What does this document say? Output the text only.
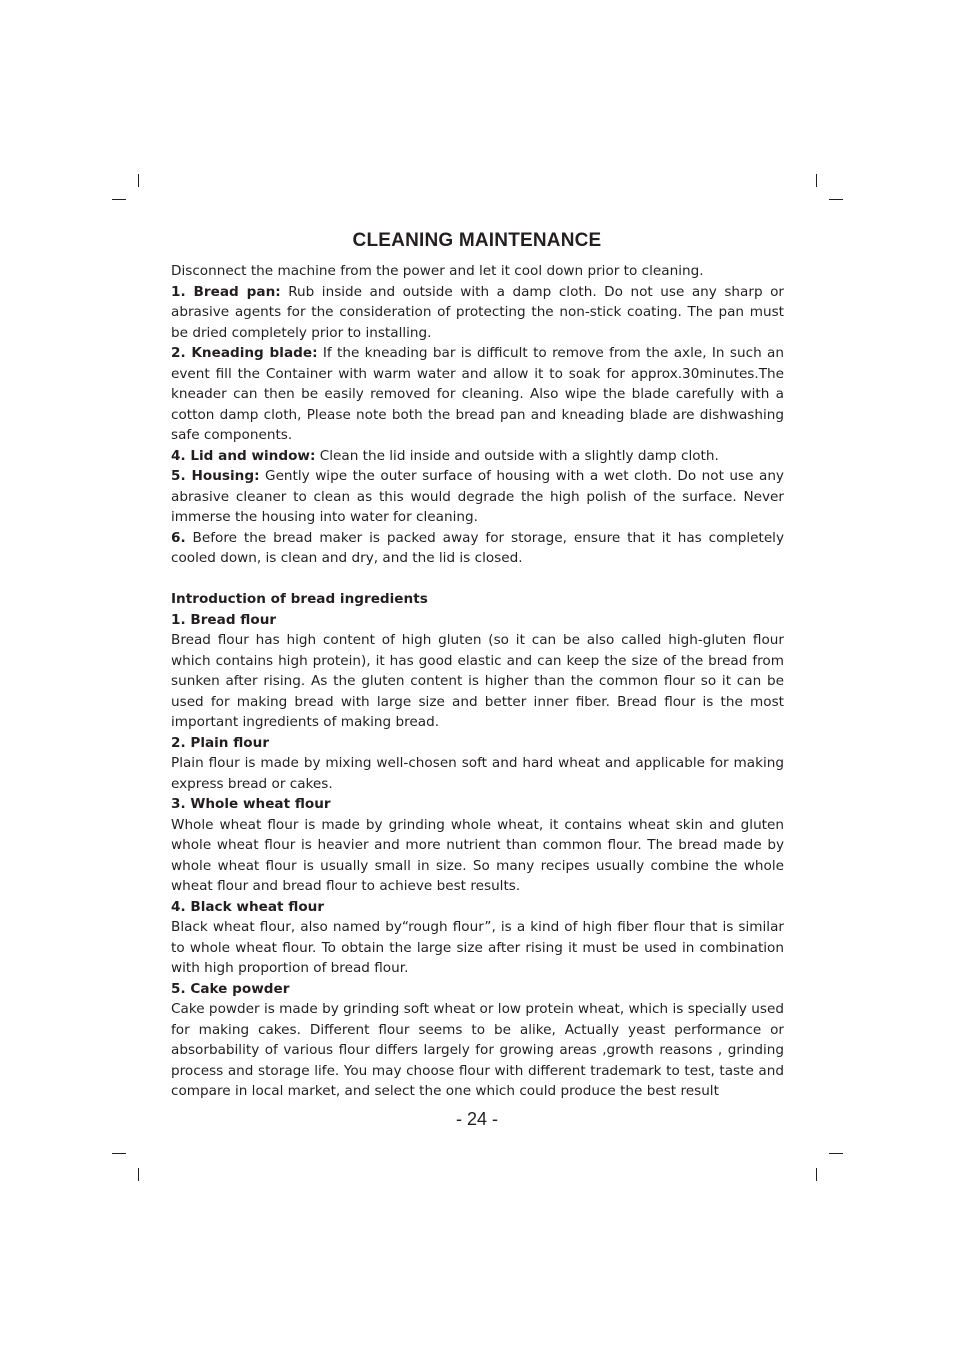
CLEANING MAINTENANCE

Disconnect the machine from the power and let it cool down prior to cleaning.

1. Bread pan: Rub inside and outside with a damp cloth. Do not use any sharp or abrasive agents for the consideration of protecting the non-stick coating. The pan must be dried completely prior to installing.

2. Kneading blade: If the kneading bar is difficult to remove from the axle, In such an event fill the Container with warm water and allow it to soak for approx.30minutes.The kneader can then be easily removed for cleaning. Also wipe the blade carefully with a cotton damp cloth, Please note both the bread pan and kneading blade are dishwashing safe components.

4. Lid and window: Clean the lid inside and outside with a slightly damp cloth.

5. Housing: Gently wipe the outer surface of housing with a wet cloth. Do not use any abrasive cleaner to clean as this would degrade the high polish of the surface. Never immerse the housing into water for cleaning.

6. Before the bread maker is packed away for storage, ensure that it has completely cooled down, is clean and dry, and the lid is closed.

Introduction of bread ingredients

1. Bread flour

Bread flour has high content of high gluten (so it can be also called high-gluten flour which contains high protein), it has good elastic and can keep the size of the bread from sunken after rising. As the gluten content is higher than the common flour so it can be used for making bread with large size and better inner fiber. Bread flour is the most important ingredients of making bread.

2. Plain flour

Plain flour is made by mixing well-chosen soft and hard wheat and applicable for making express bread or cakes.

3. Whole wheat flour

Whole wheat flour is made by grinding whole wheat, it contains wheat skin and gluten whole wheat flour is heavier and more nutrient than common flour. The bread made by whole wheat flour is usually small in size. So many recipes usually combine the whole wheat flour and bread flour to achieve best results.

4. Black wheat flour

Black wheat flour, also named by“rough flour”, is a kind of high fiber flour that is similar to whole wheat flour. To obtain the large size after rising it must be used in combination with high proportion of bread flour.

5. Cake powder

Cake powder is made by grinding soft wheat or low protein wheat, which is specially used for making cakes. Different flour seems to be alike, Actually yeast performance or absorbability of various flour differs largely for growing areas ,growth reasons , grinding process and storage life. You may choose flour with different trademark to test, taste and compare in local market, and select the one which could produce the best result

- 24 -
